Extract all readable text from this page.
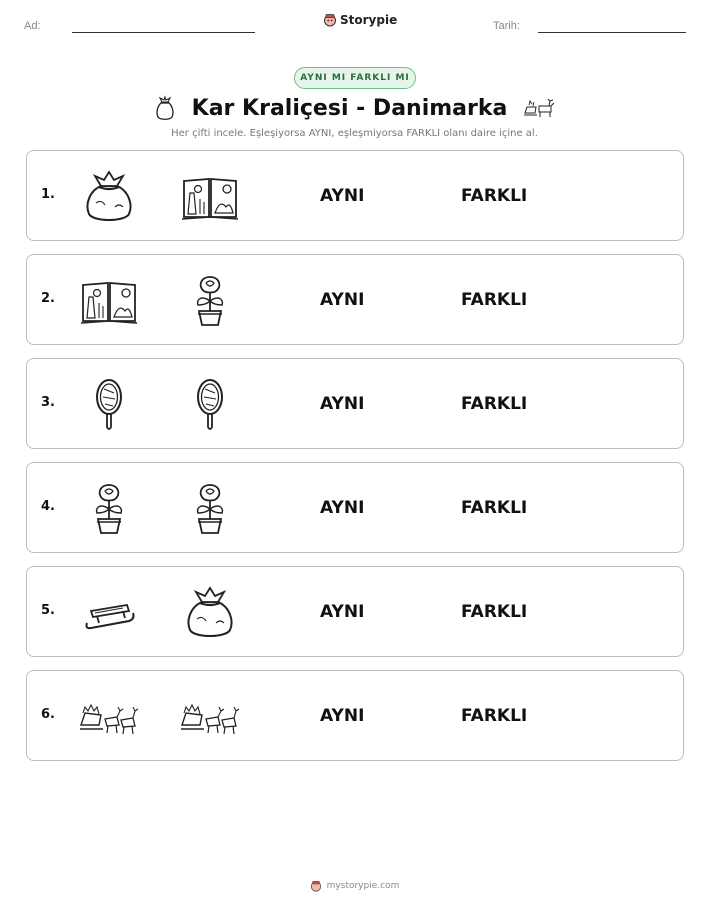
Ad:	Storypie	Tarih:
AYNI MI FARKLI MI
Kar Kraliçesi - Danimarka
Her çifti incele. Eşleşiyorsa AYNI, eşleşmiyorsa FARKLI olanı daire içine al.
1.	AYNI	FARKLI
2.	AYNI	FARKLI
3.	AYNI	FARKLI
4.	AYNI	FARKLI
5.	AYNI	FARKLI
6.	AYNI	FARKLI
mystorypie.com
